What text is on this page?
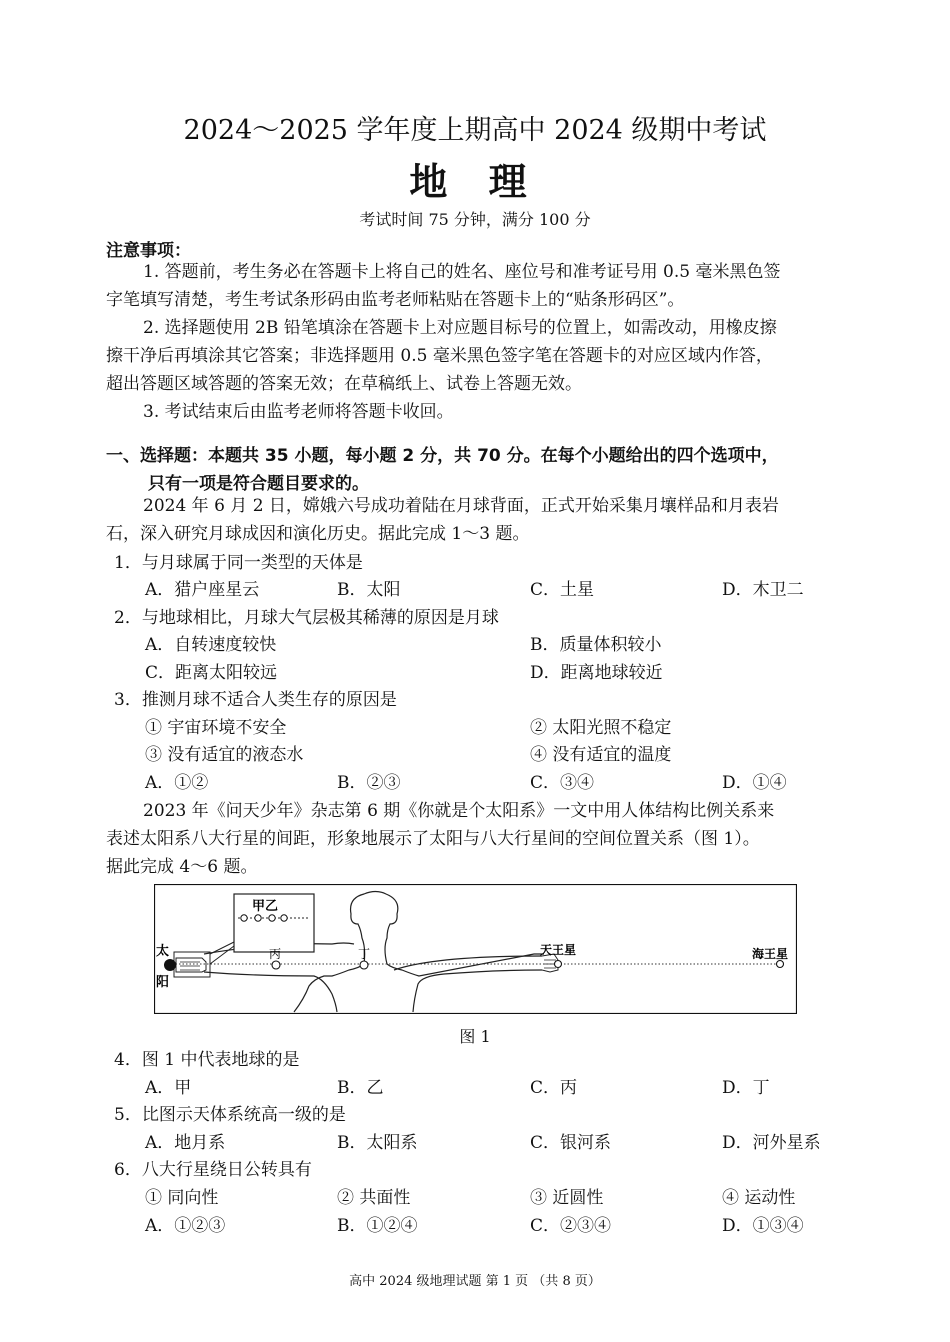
2024～2025 学年度上期高中 2024 级期中考试
地 理
考试时间 75 分钟，满分 100 分
注意事项：
1. 答题前，考生务必在答题卡上将自己的姓名、座位号和准考证号用 0.5 毫米黑色签
字笔填写清楚，考生考试条形码由监考老师粘贴在答题卡上的“贴条形码区”。
2. 选择题使用 2B 铅笔填涂在答题卡上对应题目标号的位置上，如需改动，用橡皮擦
擦干净后再填涂其它答案；非选择题用 0.5 毫米黑色签字笔在答题卡的对应区域内作答，
超出答题区域答题的答案无效；在草稿纸上、试卷上答题无效。
3. 考试结束后由监考老师将答题卡收回。
一、选择题：本题共 35 小题，每小题 2 分，共 70 分。在每个小题给出的四个选项中，
只有一项是符合题目要求的。
2024 年 6 月 2 日，嫦娥六号成功着陆在月球背面，正式开始采集月壤样品和月表岩
石，深入研究月球成因和演化历史。据此完成 1～3 题。
1．与月球属于同一类型的天体是
A．猎户座星云	B．太阳	C．土星	D．木卫二
2．与地球相比，月球大气层极其稀薄的原因是月球
A．自转速度较快	B．质量体积较小
C．距离太阳较远	D．距离地球较近
3．推测月球不适合人类生存的原因是
① 宇宙环境不安全	② 太阳光照不稳定
③ 没有适宜的液态水	④ 没有适宜的温度
A．①②	B．②③	C．③④	D．①④
2023 年《问天少年》杂志第 6 期《你就是个太阳系》一文中用人体结构比例关系来
表述太阳系八大行星的间距，形象地展示了太阳与八大行星间的空间位置关系（图 1）。
据此完成 4～6 题。
太
阳
甲乙
丙	丁	天王星	海王星
图 1
4．图 1 中代表地球的是
A．甲	B．乙	C．丙	D．丁
5．比图示天体系统高一级的是
A．地月系	B．太阳系	C．银河系	D．河外星系
6．八大行星绕日公转具有
① 同向性	② 共面性	③ 近圆性	④ 运动性
A．①②③	B．①②④	C．②③④	D．①③④
高中 2024 级地理试题 第 1 页 （共 8 页）
